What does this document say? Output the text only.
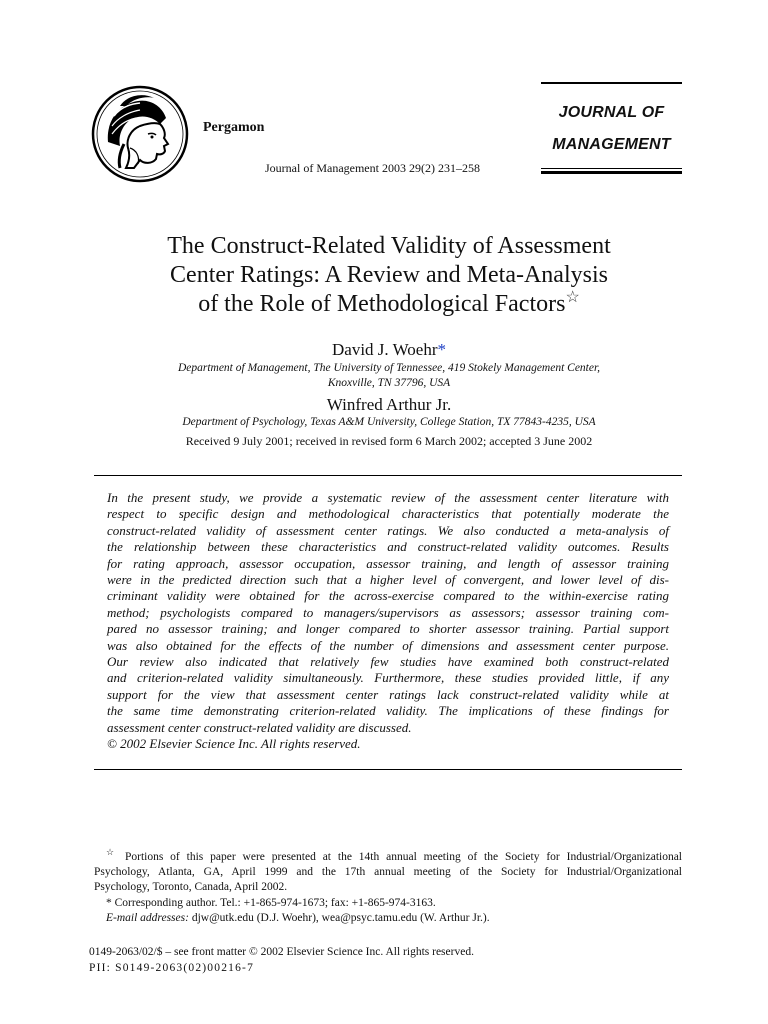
Pergamon
Journal of Management 2003 29(2) 231–258
JOURNAL OF
MANAGEMENT
The Construct-Related Validity of Assessment
Center Ratings: A Review and Meta-Analysis
of the Role of Methodological Factors☆
David J. Woehr*
Department of Management, The University of Tennessee, 419 Stokely Management Center,
Knoxville, TN 37796, USA
Winfred Arthur Jr.
Department of Psychology, Texas A&M University, College Station, TX 77843-4235, USA
Received 9 July 2001; received in revised form 6 March 2002; accepted 3 June 2002
In the present study, we provide a systematic review of the assessment center literature with
respect to specific design and methodological characteristics that potentially moderate the
construct-related validity of assessment center ratings. We also conducted a meta-analysis of
the relationship between these characteristics and construct-related validity outcomes. Results
for rating approach, assessor occupation, assessor training, and length of assessor training
were in the predicted direction such that a higher level of convergent, and lower level of dis-
criminant validity were obtained for the across-exercise compared to the within-exercise rating
method; psychologists compared to managers/supervisors as assessors; assessor training com-
pared no assessor training; and longer compared to shorter assessor training. Partial support
was also obtained for the effects of the number of dimensions and assessment center purpose.
Our review also indicated that relatively few studies have examined both construct-related
and criterion-related validity simultaneously. Furthermore, these studies provided little, if any
support for the view that assessment center ratings lack construct-related validity while at
the same time demonstrating criterion-related validity. The implications of these findings for
assessment center construct-related validity are discussed.
© 2002 Elsevier Science Inc. All rights reserved.
☆ Portions of this paper were presented at the 14th annual meeting of the Society for Industrial/Organizational
Psychology, Atlanta, GA, April 1999 and the 17th annual meeting of the Society for Industrial/Organizational
Psychology, Toronto, Canada, April 2002.
* Corresponding author. Tel.: +1-865-974-1673; fax: +1-865-974-3163.
E-mail addresses: djw@utk.edu (D.J. Woehr), wea@psyc.tamu.edu (W. Arthur Jr.).
0149-2063/02/$ – see front matter © 2002 Elsevier Science Inc. All rights reserved.
PII: S0149-2063(02)00216-7
